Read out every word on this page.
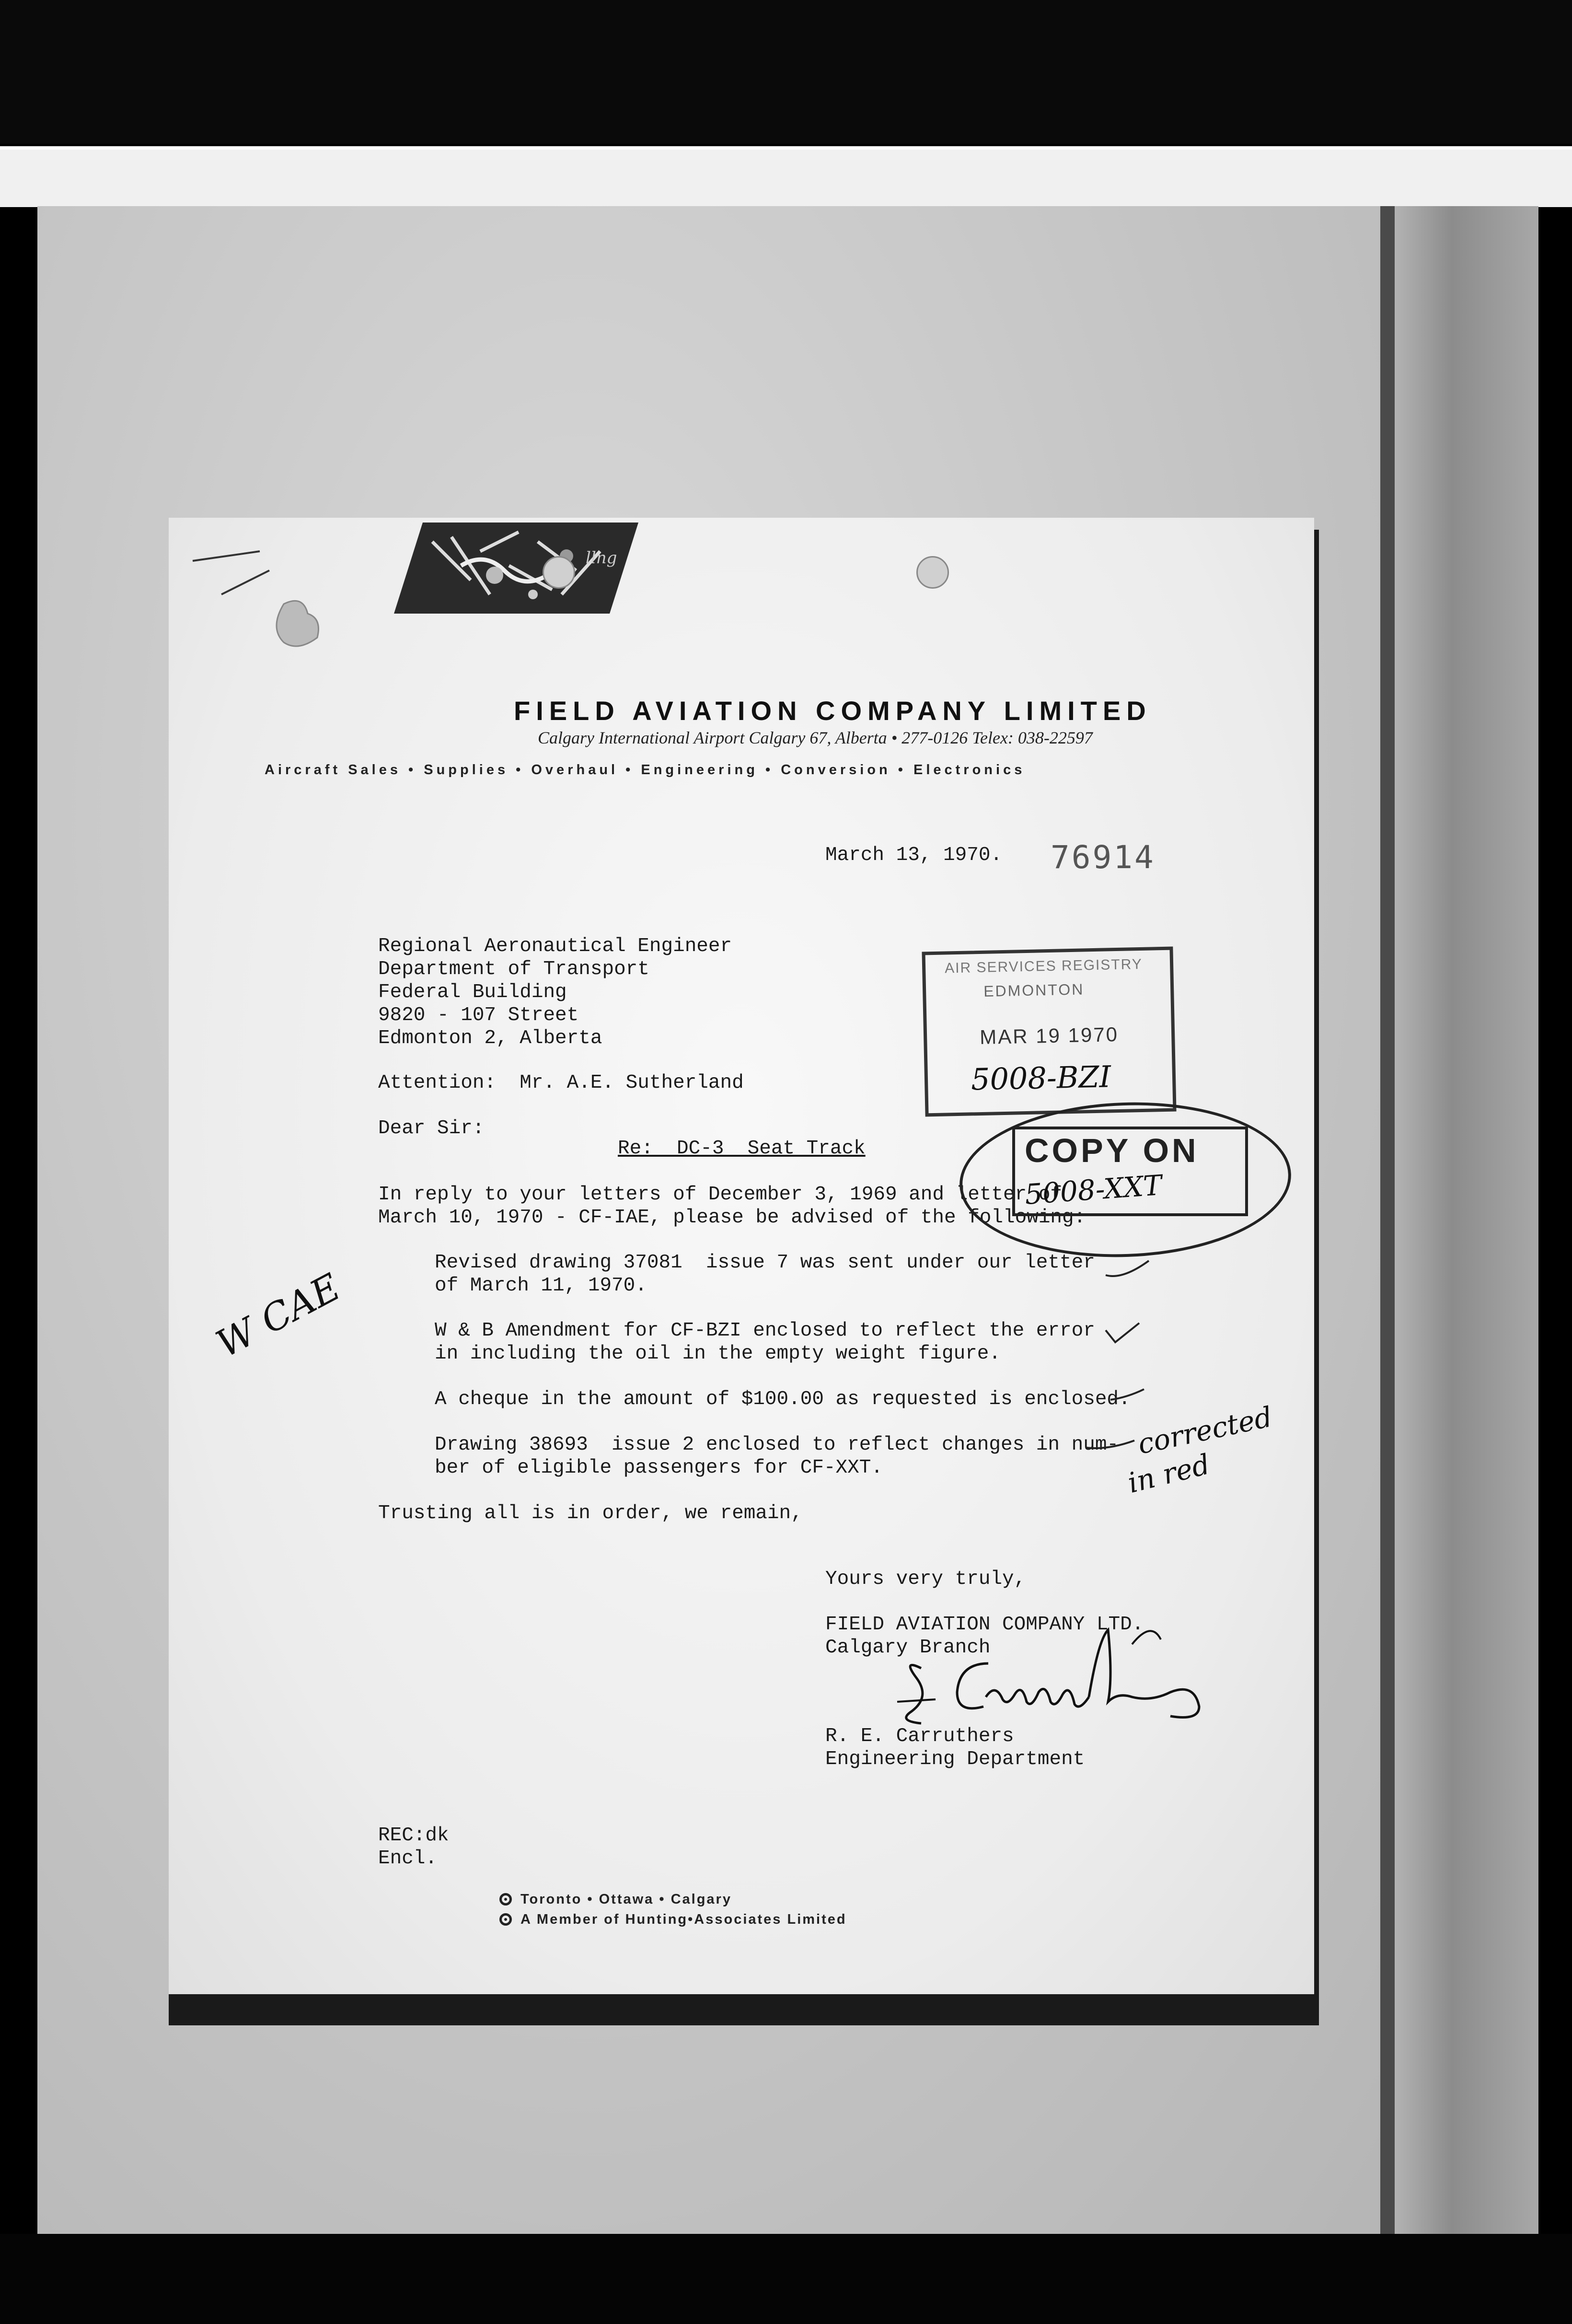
llng
FIELD AVIATION COMPANY LIMITED
Calgary International Airport Calgary 67, Alberta • 277-0126 Telex: 038-22597
Aircraft Sales • Supplies • Overhaul • Engineering • Conversion • Electronics
March 13, 1970. 76914
Regional Aeronautical Engineer
Department of Transport
Federal Building
9820 - 107 Street
Edmonton 2, Alberta
Attention:  Mr. A.E. Sutherland
Dear Sir:
Re:  DC-3  Seat Track
In reply to your letters of December 3, 1969 and letter of
March 10, 1970 - CF-IAE, please be advised of the following:
Revised drawing 37081  issue 7 was sent under our letter
of March 11, 1970.
W & B Amendment for CF-BZI enclosed to reflect the error
in including the oil in the empty weight figure.
A cheque in the amount of $100.00 as requested is enclosed.
Drawing 38693  issue 2 enclosed to reflect changes in num-
ber of eligible passengers for CF-XXT.
Trusting all is in order, we remain,
Yours very truly,
FIELD AVIATION COMPANY LTD.
Calgary Branch
R. E. Carruthers
Engineering Department
REC:dk
Encl.
Toronto • Ottawa • Calgary
A Member of Hunting•Associates Limited
AIR SERVICES REGISTRY
EDMONTON
MAR 19 1970
5008-BZI
COPY ON
5008-XXT
W CAE
corrected
in red
